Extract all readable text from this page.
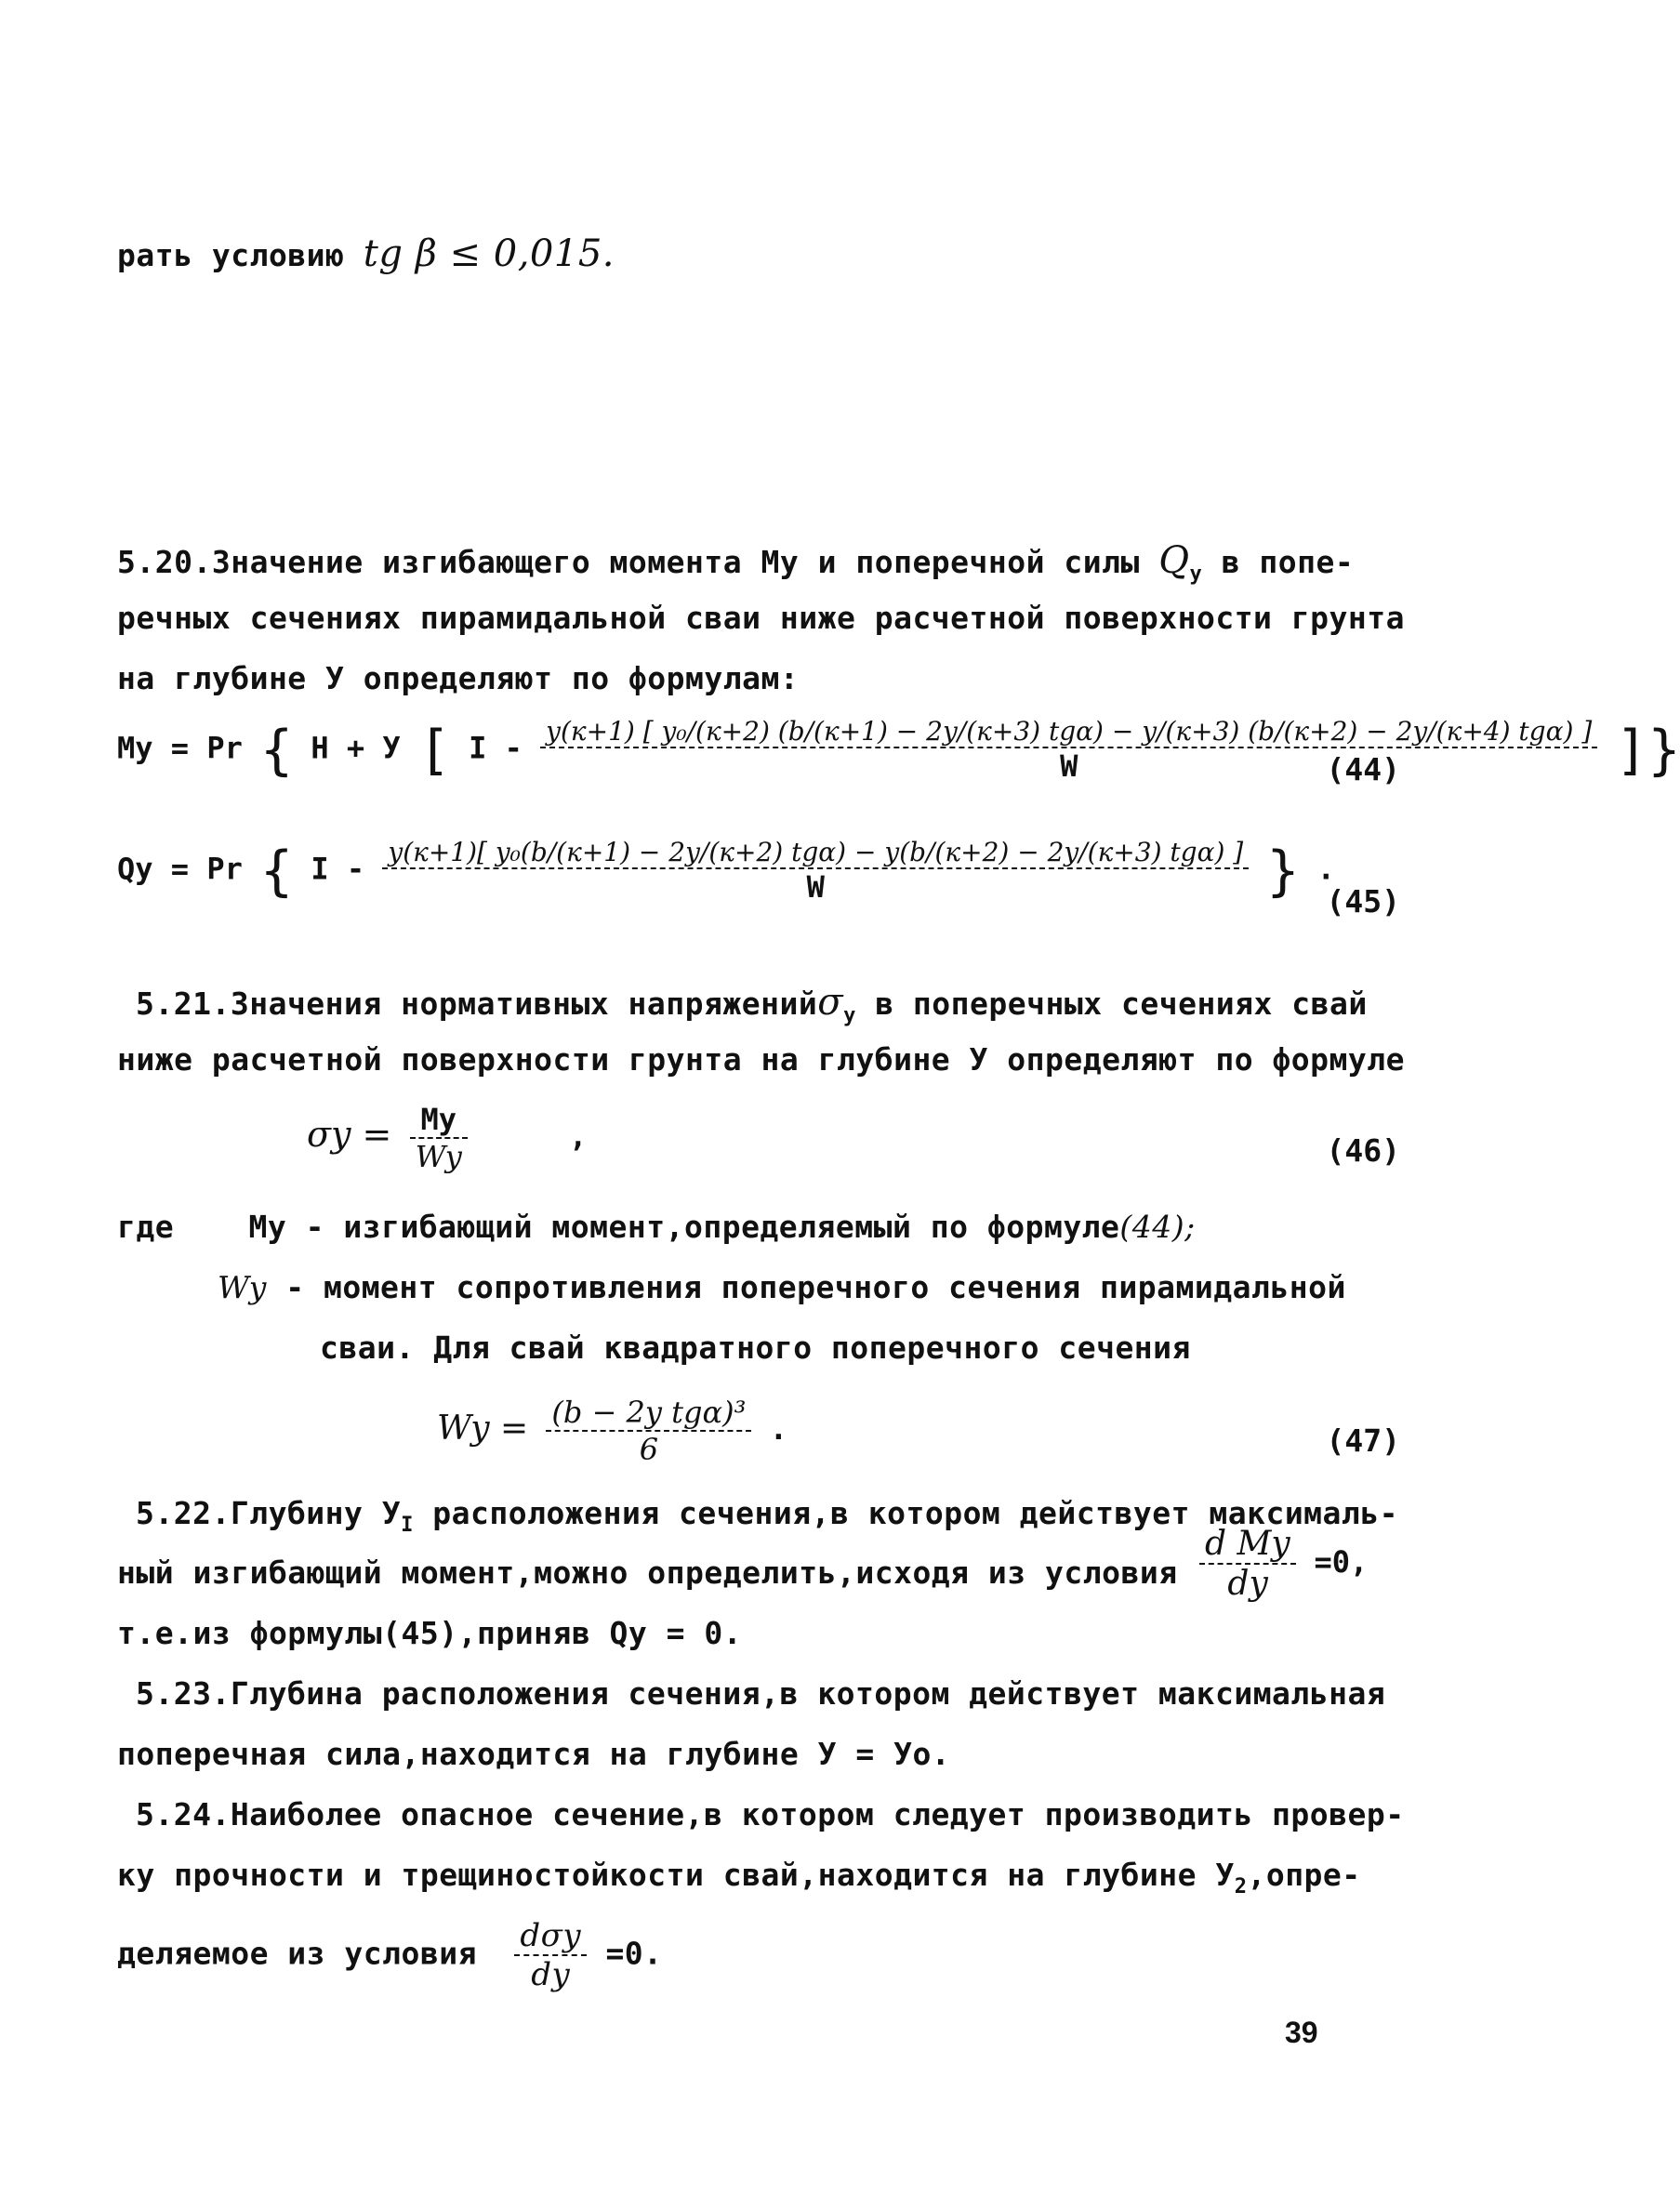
рать условию tg β ≤ 0,015.
5.20.Значение изгибающего момента Му и поперечной силы $Q_y$ в попе-
речных сечениях пирамидальной сваи ниже расчетной поверхности грунта
на глубине У определяют по формулам:
Му = Рr { H + У [ I - y(к+1) [ y₀/(к+2) (b/(к+1) − 2y/(к+3) tgα) − y/(к+3) (b/(к+2) − 2y/(к+4) tgα) ]
W	]}
(44)
Qу = Рr { I - y(к+1)[ y₀(b/(к+1) − 2y/(к+2) tgα) − y(b/(к+2) − 2y/(к+3) tgα) ]
W	} .
(45)
5.21.Значения нормативных напряженийσ$_y$ в поперечных сечениях свай
ниже расчетной поверхности грунта на глубине У определяют по формуле
$\sigma y = \frac{Му}{Wy}$	,	(46)
где Му - изгибающий момент,определяемый по формуле(44);
Wy - момент сопротивления поперечного сечения пирамидальной
сваи. Для свай квадратного поперечного сечения
$Wy = \frac{\text{(b − 2y tgα)³}}{6}$ .	(47)
5.22.Глубину $У_I$ расположения сечения,в котором действует максималь-
ный изгибающий момент,можно определить,исходя из условия $\frac{\text{d Mу}}{dy} =0$,
т.е.из формулы(45),приняв Qу = 0.
5.23.Глубина расположения сечения,в котором действует максимальная
поперечная сила,находится на глубине У = Уо.
5.24.Наиболее опасное сечение,в котором следует производить провер-
ку прочности и трещиностойкости свай,находится на глубине $У_2,опре-$
деляемое из условия $\frac{\text{dσy}}{dy} =0$.
39
